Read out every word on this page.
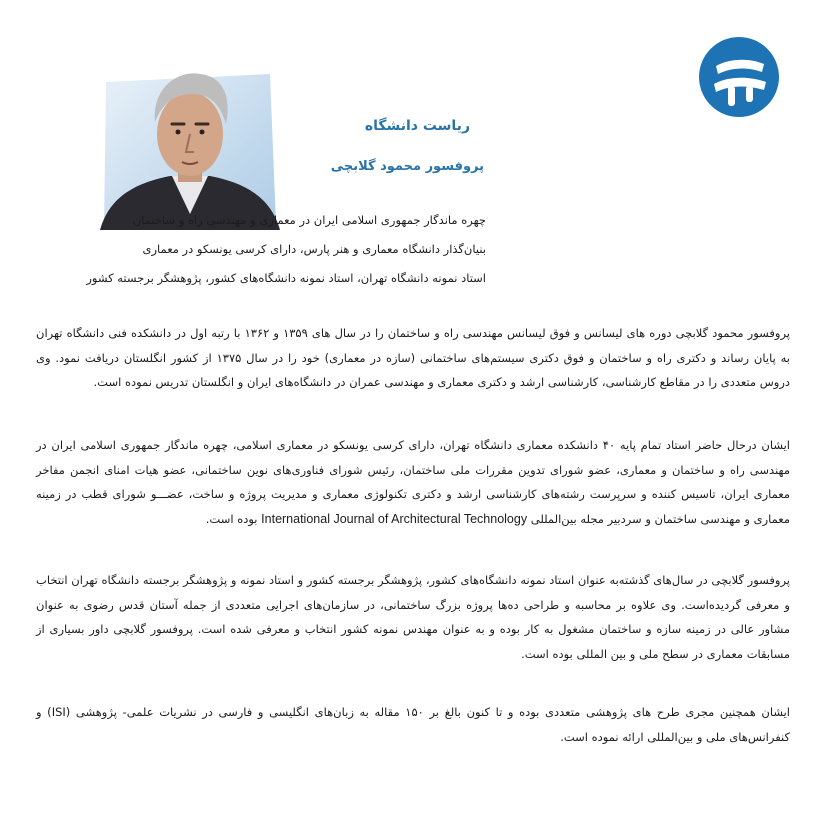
ریاست دانشگاه
پروفسور محمود گلابچی
چهره ماندگار جمهوری اسلامی ایران در معماری و مهندسی راه و ساختمان
بنیان‌گذار دانشگاه معماری و هنر پارس، دارای کرسی یونسکو در معماری
استاد نمونه دانشگاه تهران، استاد نمونه دانشگاه‌های کشور، پژوهشگر برجسته کشور

پروفسور محمود گلابچی دوره های لیسانس و فوق لیسانس مهندسی راه و ساختمان را در سال های ۱۳۵۹ و ۱۳۶۲ با رتبه اول در دانشکده فنی دانشگاه تهران به پایان رساند و دکتری راه و ساختمان و فوق دکتری سیستم‌های ساختمانی (سازه در معماری) خود را در سال ۱۳۷۵ از کشور انگلستان دریافت نمود. وی دروس متعددی را در مقاطع کارشناسی، کارشناسی ارشد و دکتری معماری و مهندسی عمران در دانشگاه‌های ایران و انگلستان تدریس نموده است.

ایشان درحال حاضر استاد تمام پایه ۴۰ دانشکده معماری دانشگاه تهران، دارای کرسی یونسکو در معماری اسلامی، چهره ماندگار جمهوری اسلامی ایران در مهندسی راه و ساختمان و معماری، عضو شورای تدوین مقررات ملی ساختمان، رئیس شورای فناوری‌های نوین ساختمانی، عضو هیات امنای انجمن مفاخر معماری ایران، تاسیس کننده و سرپرست رشته‌های کارشناسی ارشد و دکتری تکنولوژی معماری و مدیریت پروژه و ساخت، عضـــو شورای قطب در زمینه معماری و مهندسی ساختمان و سردبیر مجله بین‌المللی International Journal of Architectural Technology بوده است.

پروفسور گلابچی در سال‌های گذشته‌به عنوان استاد نمونه دانشگاه‌های کشور، پژوهشگر برجسته کشور و استاد نمونه و پژوهشگر برجسته دانشگاه تهران انتخاب و معرفی گردیده‌است. وی علاوه بر محاسبه و طراحی ده‌ها پروژه بزرگ ساختمانی، در سازمان‌های اجرایی متعددی از جمله آستان قدس رضوی به عنوان مشاور عالی در زمینه سازه و ساختمان مشغول به کار بوده و به عنوان مهندس نمونه کشور انتخاب و معرفی شده است. پروفسور گلابچی داور بسیاری از مسابقات معماری در سطح ملی و بین المللی بوده است.

ایشان همچنین مجری طرح های پژوهشی متعددی بوده و تا کنون بالغ بر ۱۵۰ مقاله به زبان‌های انگلیسی و فارسی در نشریات علمی- پژوهشی (ISI) و کنفرانس‌های ملی و بین‌المللی ارائه نموده است.
